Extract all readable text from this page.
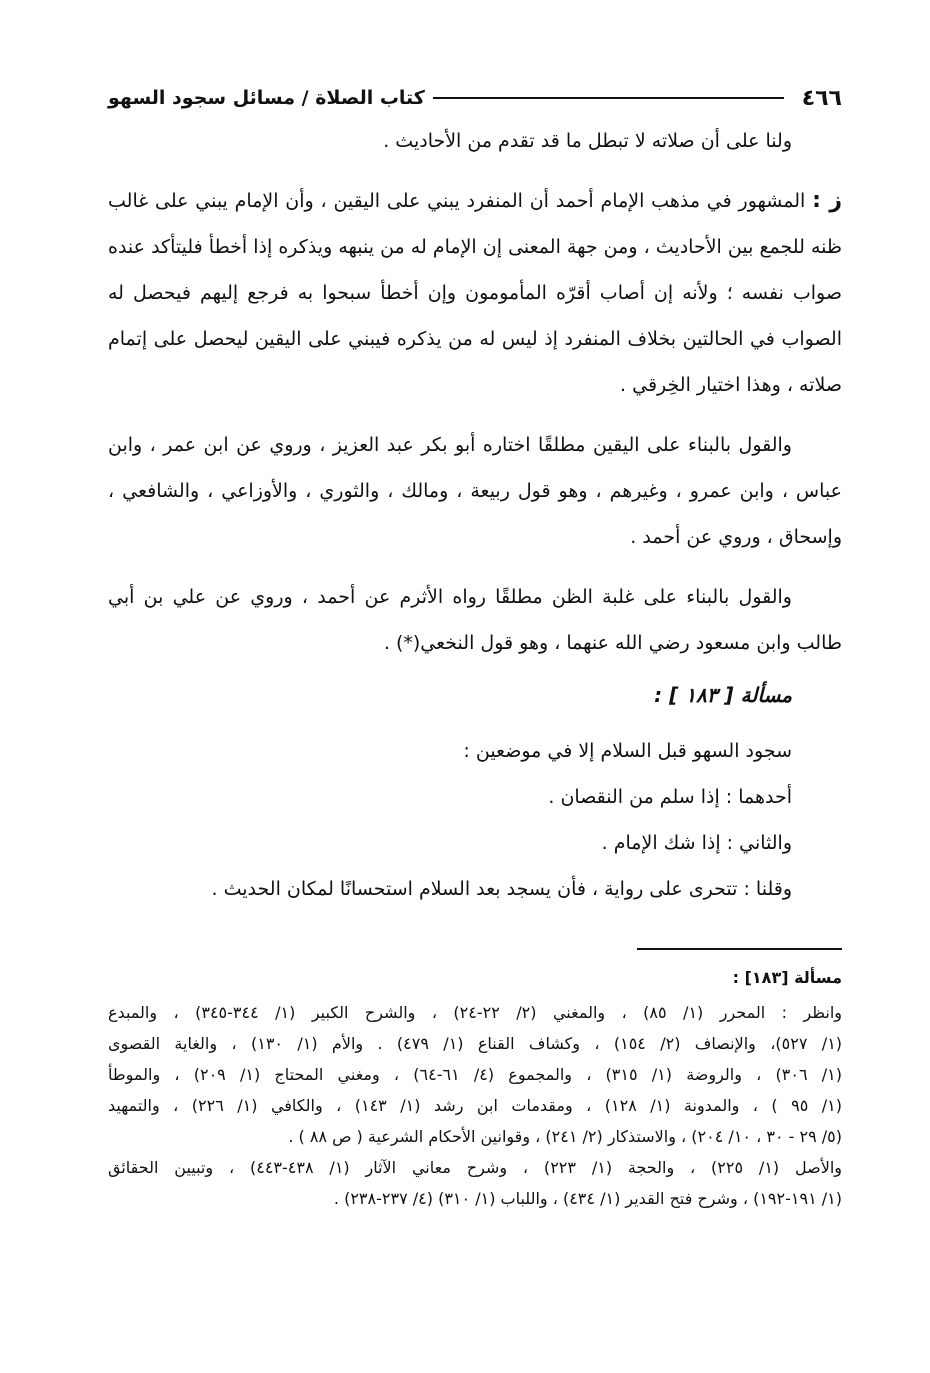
٤٦٦
كتاب الصلاة / مسائل سجود السهو

ولنا على أن صلاته لا تبطل ما قد تقدم من الأحاديث .

ز : المشهور في مذهب الإمام أحمد أن المنفرد يبني على اليقين ، وأن الإمام يبني على غالب ظنه للجمع بين الأحاديث ، ومن جهة المعنى إن الإمام له من ينبهه ويذكره إذا أخطأ فليتأكد عنده صواب نفسه ؛ ولأنه إن أصاب أقرّه المأمومون وإن أخطأ سبحوا به فرجع إليهم فيحصل له الصواب في الحالتين بخلاف المنفرد إذ ليس له من يذكره فيبني على اليقين ليحصل على إتمام صلاته ، وهذا اختيار الخِرقي .

والقول بالبناء على اليقين مطلقًا اختاره أبو بكر عبد العزيز ، وروي عن ابن عمر ، وابن عباس ، وابن عمرو ، وغيرهم ، وهو قول ربيعة ، ومالك ، والثوري ، والأوزاعي ، والشافعي ، وإسحاق ، وروي عن أحمد .

والقول بالبناء على غلبة الظن مطلقًا رواه الأثرم عن أحمد ، وروي عن علي بن أبي طالب وابن مسعود رضي الله عنهما ، وهو قول النخعي(*) .

مسألة [ ١٨٣ ] :

سجود السهو قبل السلام إلا في موضعين :

أحدهما : إذا سلم من النقصان .

والثاني : إذا شك الإمام .

وقلنا : تتحرى على رواية ، فأن يسجد بعد السلام استحسانًا لمكان الحديث .

مسألة [١٨٣] :

وانظر : المحرر (١/ ٨٥) ، والمغني (٢/ ٢٢-٢٤) ، والشرح الكبير (١/ ٣٤٤-٣٤٥) ، والمبدع

(١/ ٥٢٧)، والإنصاف (٢/ ١٥٤) ، وكشاف القناع (١/ ٤٧٩) . والأم (١/ ١٣٠) ، والغاية القصوى

(١/ ٣٠٦) ، والروضة (١/ ٣١٥) ، والمجموع (٤/ ٦١-٦٤) ، ومغني المحتاج (١/ ٢٠٩) ، والموطأ

(١/ ٩٥ ) ، والمدونة (١/ ١٢٨) ، ومقدمات ابن رشد (١/ ١٤٣) ، والكافي (١/ ٢٢٦) ، والتمهيد

(٥/ ٢٩ - ٣٠ ، ١٠/ ٢٠٤) ، والاستذكار (٢/ ٢٤١) ، وقوانين الأحكام الشرعية ( ص ٨٨ ) .

والأصل (١/ ٢٢٥) ، والحجة (١/ ٢٢٣) ، وشرح معاني الآثار (١/ ٤٣٨-٤٤٣) ، وتبيين الحقائق

(١/ ١٩١-١٩٢) ، وشرح فتح القدير (١/ ٤٣٤) ، واللباب (١/ ٣١٠) (٤/ ٢٣٧-٢٣٨) .
